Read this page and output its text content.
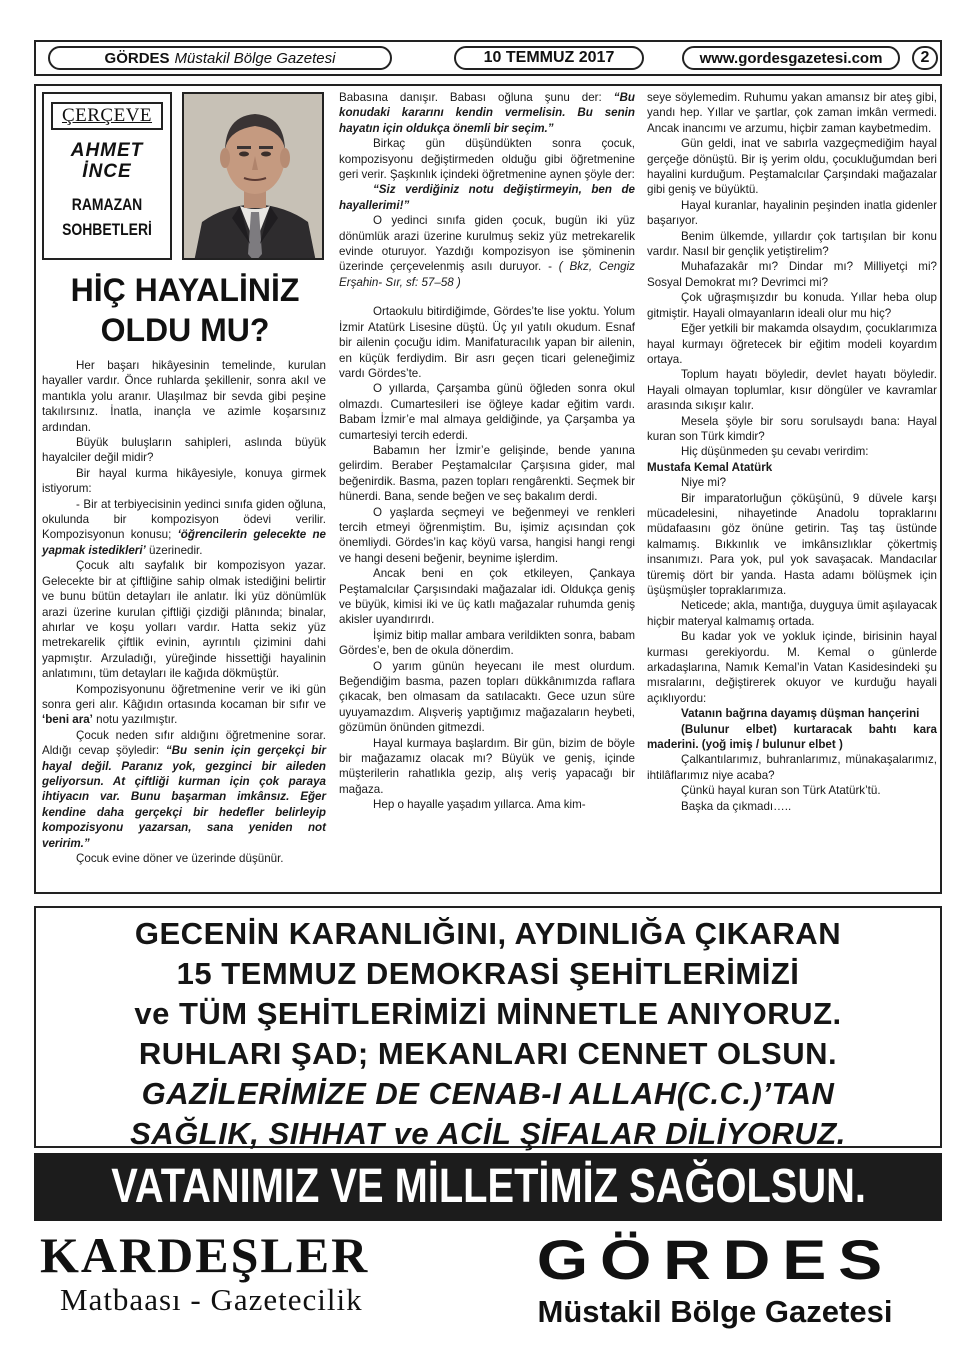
GÖRDES Müstakil Bölge Gazetesi	10 TEMMUZ 2017	www.gordesgazetesi.com	2
ÇERÇEVE
AHMET
İNCE
RAMAZAN
SOHBETLERİ
HİÇ HAYALİNİZ
OLDU MU?

Her başarı hikâyesinin temelinde, kurulan hayaller vardır. Önce ruhlarda şekillenir, sonra akıl ve mantıkla yolu aranır. Ulaşılmaz bir sevda gibi peşine takılırsınız. İnatla, inançla ve azimle koşarsınız ardından.

Büyük buluşların sahipleri, aslında büyük hayalciler değil midir?

Bir hayal kurma hikâyesiyle, konuya girmek istiyorum:

- Bir at terbiyecisinin yedinci sınıfa giden oğluna, okulunda bir kompozisyon ödevi verilir. Kompozisyonun konusu; ‘öğrencilerin gelecekte ne yapmak istedikleri’ üzerinedir.

Çocuk altı sayfalık bir kompozisyon yazar. Gelecekte bir at çiftliğine sahip olmak istediğini belirtir ve bunu bütün detayları ile anlatır. İki yüz dönümlük arazi üzerine kurulan çiftliği çizdiği plânında; binalar, ahırlar ve koşu yolları vardır. Hatta sekiz yüz metrekarelik çiftlik evinin, ayrıntılı çizimini dahi yapmıştır. Arzuladığı, yüreğinde hissettiği hayalinin anlatımını, tüm detayları ile kağıda dökmüştür.

Kompozisyonunu öğretmenine verir ve iki gün sonra geri alır. Kâğıdın ortasında kocaman bir sıfır ve ‘beni ara’ notu yazılmıştır.

Çocuk neden sıfır aldığını öğretmenine sorar. Aldığı cevap şöyledir: “Bu senin için gerçekçi bir hayal değil. Paranız yok, gezginci bir aileden geliyorsun. At çiftliği kurman için çok paraya ihtiyacın var. Bunu başarman imkânsız. Eğer kendine daha gerçekçi bir hedefler belirleyip kompozisyonu yazarsan, sana yeniden not veririm.”

Çocuk evine döner ve üzerinde düşünür.

Babasına danışır. Babası oğluna şunu der: “Bu konudaki kararını kendin vermelisin. Bu senin hayatın için oldukça önemli bir seçim.”

Birkaç gün düşündükten sonra çocuk, kompozisyonu değiştirmeden olduğu gibi öğretmenine geri verir. Şaşkınlık içindeki öğretmenine aynen şöyle der:

“Siz verdiğiniz notu değiştirmeyin, ben de hayallerimi!”

O yedinci sınıfa giden çocuk, bugün iki yüz dönümlük arazi üzerine kurulmuş sekiz yüz metrekarelik evinde oturuyor. Yazdığı kompozisyon ise şöminenin üzerinde çerçevelenmiş asılı duruyor. - ( Bkz, Cengiz Erşahin- Sır, sf: 57–58 )

Ortaokulu bitirdiğimde, Gördes’te lise yoktu. Yolum İzmir Atatürk Lisesine düştü. Üç yıl yatılı okudum. Esnaf bir ailenin çocuğu idim. Manifaturacılık yapan bir ailenin, en küçük ferdiydim. Bir asrı geçen ticari geleneğimiz vardı Gördes’te.

O yıllarda, Çarşamba günü öğleden sonra okul olmazdı. Cumartesileri ise öğleye kadar eğitim vardı. Babam İzmir’e mal almaya geldiğinde, ya Çarşamba ya cumartesiyi tercih ederdi.

Babamın her İzmir’e gelişinde, bende yanına gelirdim. Beraber Peştamalcılar Çarşısına gider, mal beğenirdik. Basma, pazen topları rengârenkti. Seçmek bir hünerdi. Bana, sende beğen ve seç bakalım derdi.

O yaşlarda seçmeyi ve beğenmeyi ve renkleri tercih etmeyi öğrenmiştim. Bu, işimiz açısından çok önemliydi. Gördes’in kaç köyü varsa, hangisi hangi rengi ve hangi deseni beğenir, beynime işlerdim.

Ancak beni en çok etkileyen, Çankaya Peştamalcılar Çarşısındaki mağazalar idi. Oldukça geniş ve büyük, kimisi iki ve üç katlı mağazalar ruhumda geniş akisler uyandırırdı.

İşimiz bitip mallar ambara verildikten sonra, babam Gördes’e, ben de okula dönerdim.

O yarım günün heyecanı ile mest olurdum. Beğendiğim basma, pazen topları dükkânımızda raflara çıkacak, ben olmasam da satılacaktı. Gece uzun süre uyuyamazdım. Alışveriş yaptığımız mağazaların heybeti, gözümün önünden gitmezdi.

Hayal kurmaya başlardım. Bir gün, bizim de böyle bir mağazamız olacak mı? Büyük ve geniş, içinde müşterilerin rahatlıkla gezip, alış veriş yapacağı bir mağaza.

Hep o hayalle yaşadım yıllarca. Ama kim-

seye söylemedim. Ruhumu yakan amansız bir ateş gibi, yandı hep. Yıllar ve şartlar, çok zaman imkân vermedi. Ancak inancımı ve arzumu, hiçbir zaman kaybetmedim.

Gün geldi, inat ve sabırla vazgeçmediğim hayal gerçeğe dönüştü. Bir iş yerim oldu, çocukluğumdan beri hayalini kurduğum. Peştamalcılar Çarşındaki mağazalar gibi geniş ve büyüktü.

Hayal kuranlar, hayalinin peşinden inatla gidenler başarıyor.

Benim ülkemde, yıllardır çok tartışılan bir konu vardır. Nasıl bir gençlik yetiştirelim?

Muhafazakâr mı? Dindar mı? Milliyetçi mi? Sosyal Demokrat mı? Devrimci mi?

Çok uğraşmışızdır bu konuda. Yıllar heba olup gitmiştir. Hayali olmayanların ideali olur mu hiç?

Eğer yetkili bir makamda olsaydım, çocuklarımıza hayal kurmayı öğretecek bir eğitim modeli koyardım ortaya.

Toplum hayatı böyledir, devlet hayatı böyledir. Hayali olmayan toplumlar, kısır döngüler ve kavramlar arasında sıkışır kalır.

Mesela şöyle bir soru sorulsaydı bana: Hayal kuran son Türk kimdir?

Hiç düşünmeden şu cevabı verirdim:

Mustafa Kemal Atatürk

Niye mi?

Bir imparatorluğun çöküşünü, 9 düvele karşı mücadelesini, nihayetinde Anadolu topraklarını müdafaasını göz önüne getirin. Taş taş üstünde kalmamış. Bıkkınlık ve imkânsızlıklar çökertmiş insanımızı. Para yok, pul yok savaşacak. Mandacılar türemiş dört bir yanda. Hasta adamı bölüşmek için üşüşmüşler topraklarımıza.

Neticede; akla, mantığa, duyguya ümit aşılayacak hiçbir materyal kalmamış ortada.

Bu kadar yok ve yokluk içinde, birisinin hayal kurması gerekiyordu. M. Kemal o günlerde arkadaşlarına, Namık Kemal’in Vatan Kasidesindeki şu mısralarını, değiştirerek okuyor ve kurduğu hayali açıklıyordu:

Vatanın bağrına dayamış düşman hançerini

(Bulunur elbet) kurtaracak bahtı kara maderini. (yoğ imiş / bulunur elbet )

Çalkantılarımız, buhranlarımız, münakaşalarımız, ihtilâflarımız niye acaba?

Çünkü hayal kuran son Türk Atatürk’tü.

Başka da çıkmadı…..

GECENİN KARANLIĞINI, AYDINLIĞA ÇIKARAN
15 TEMMUZ DEMOKRASİ ŞEHİTLERİMİZİ
ve TÜM ŞEHİTLERİMİZİ MİNNETLE ANIYORUZ.
RUHLARI ŞAD; MEKANLARI CENNET OLSUN.
GAZİLERİMİZE DE CENAB-I ALLAH(C.C.)’TAN
SAĞLIK, SIHHAT ve ACİL ŞİFALAR DİLİYORUZ.
VATANIMIZ VE MİLLETİMİZ SAĞOLSUN.
KARDEŞLER
Matbaası - Gazetecilik
GÖRDES
Müstakil Bölge Gazetesi
